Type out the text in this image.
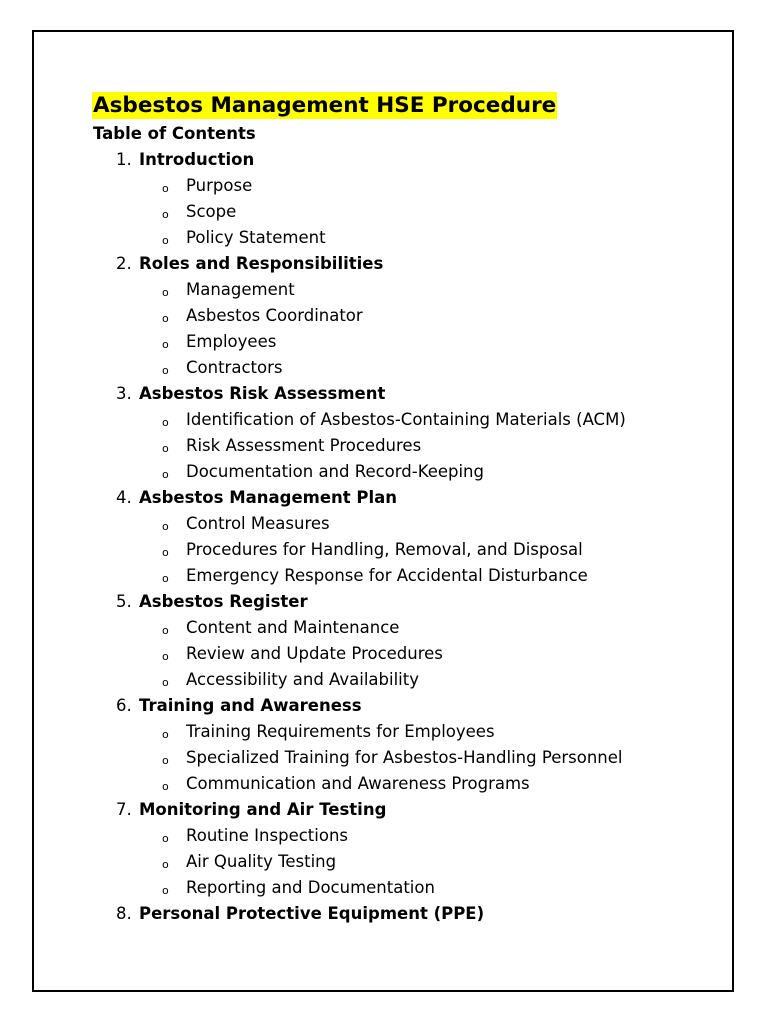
Asbestos Management HSE Procedure
Table of Contents
1. Introduction
o Purpose
o Scope
o Policy Statement
2. Roles and Responsibilities
o Management
o Asbestos Coordinator
o Employees
o Contractors
3. Asbestos Risk Assessment
o Identification of Asbestos-Containing Materials (ACM)
o Risk Assessment Procedures
o Documentation and Record-Keeping
4. Asbestos Management Plan
o Control Measures
o Procedures for Handling, Removal, and Disposal
o Emergency Response for Accidental Disturbance
5. Asbestos Register
o Content and Maintenance
o Review and Update Procedures
o Accessibility and Availability
6. Training and Awareness
o Training Requirements for Employees
o Specialized Training for Asbestos-Handling Personnel
o Communication and Awareness Programs
7. Monitoring and Air Testing
o Routine Inspections
o Air Quality Testing
o Reporting and Documentation
8. Personal Protective Equipment (PPE)
